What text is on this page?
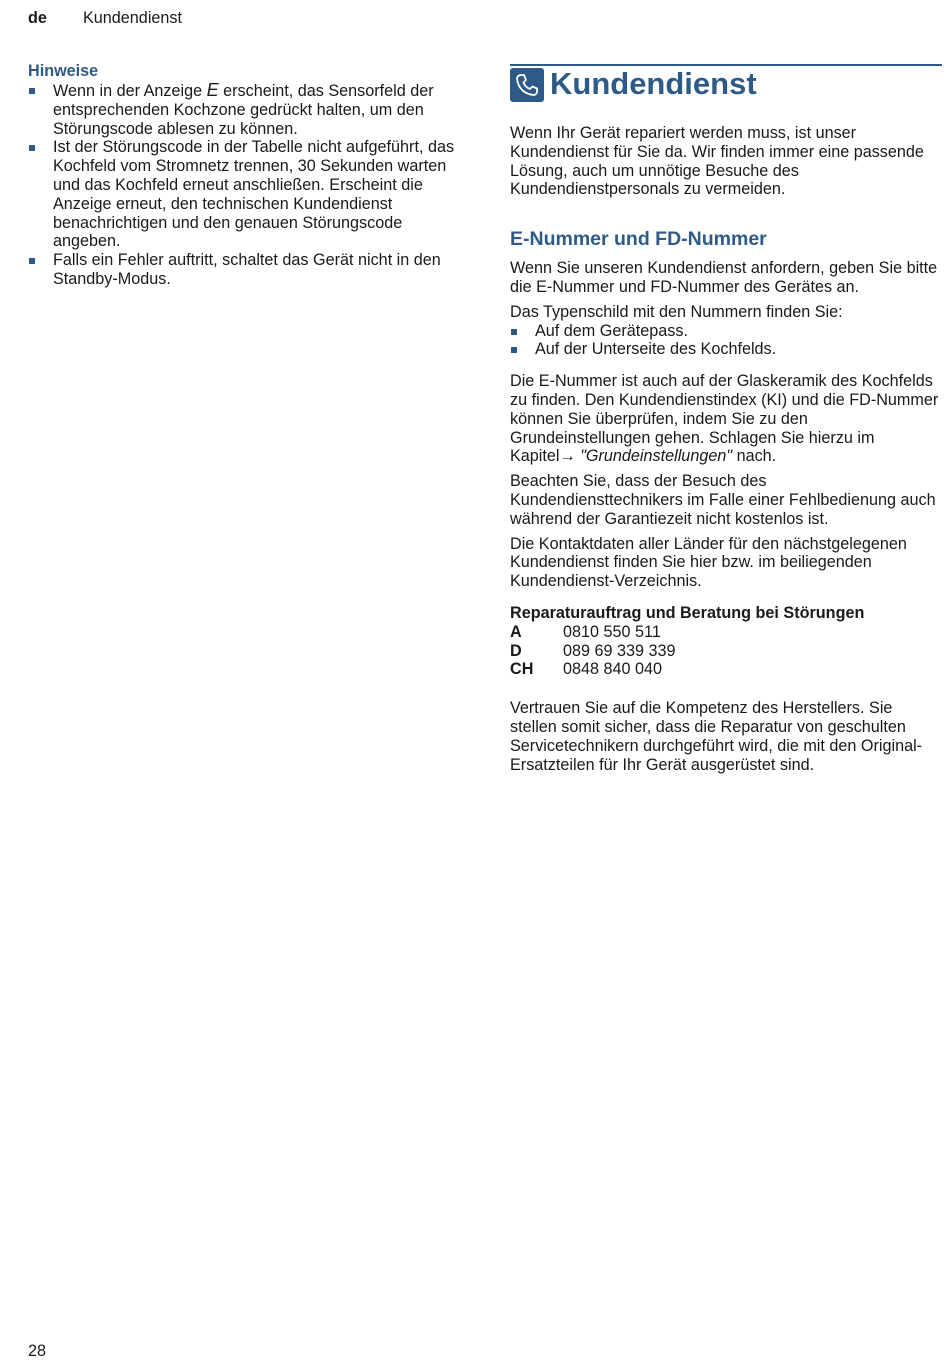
de Kundendienst
Hinweise
Wenn in der Anzeige E erscheint, das Sensorfeld der entsprechenden Kochzone gedrückt halten, um den Störungscode ablesen zu können.
Ist der Störungscode in der Tabelle nicht aufgeführt, das Kochfeld vom Stromnetz trennen, 30 Sekunden warten und das Kochfeld erneut anschließen. Erscheint die Anzeige erneut, den technischen Kundendienst benachrichtigen und den genauen Störungscode angeben.
Falls ein Fehler auftritt, schaltet das Gerät nicht in den Standby-Modus.
Kundendienst

Wenn Ihr Gerät repariert werden muss, ist unser Kundendienst für Sie da. Wir finden immer eine passende Lösung, auch um unnötige Besuche des Kundendienstpersonals zu vermeiden.

E-Nummer und FD-Nummer

Wenn Sie unseren Kundendienst anfordern, geben Sie bitte die E-Nummer und FD-Nummer des Gerätes an.

Das Typenschild mit den Nummern finden Sie:

Auf dem Gerätepass.
Auf der Unterseite des Kochfelds.

Die E-Nummer ist auch auf der Glaskeramik des Kochfelds zu finden. Den Kundendienstindex (KI) und die FD-Nummer können Sie überprüfen, indem Sie zu den Grundeinstellungen gehen. Schlagen Sie hierzu im Kapitel→ "Grundeinstellungen" nach.

Beachten Sie, dass der Besuch des Kundendiensttechnikers im Falle einer Fehlbedienung auch während der Garantiezeit nicht kostenlos ist.

Die Kontaktdaten aller Länder für den nächstgelegenen Kundendienst finden Sie hier bzw. im beiliegenden Kundendienst-Verzeichnis.

Reparaturauftrag und Beratung bei Störungen
A	0810 550 511
D	089 69 339 339
CH	0848 840 040

Vertrauen Sie auf die Kompetenz des Herstellers. Sie stellen somit sicher, dass die Reparatur von geschulten Servicetechnikern durchgeführt wird, die mit den Original-Ersatzteilen für Ihr Gerät ausgerüstet sind.

28
